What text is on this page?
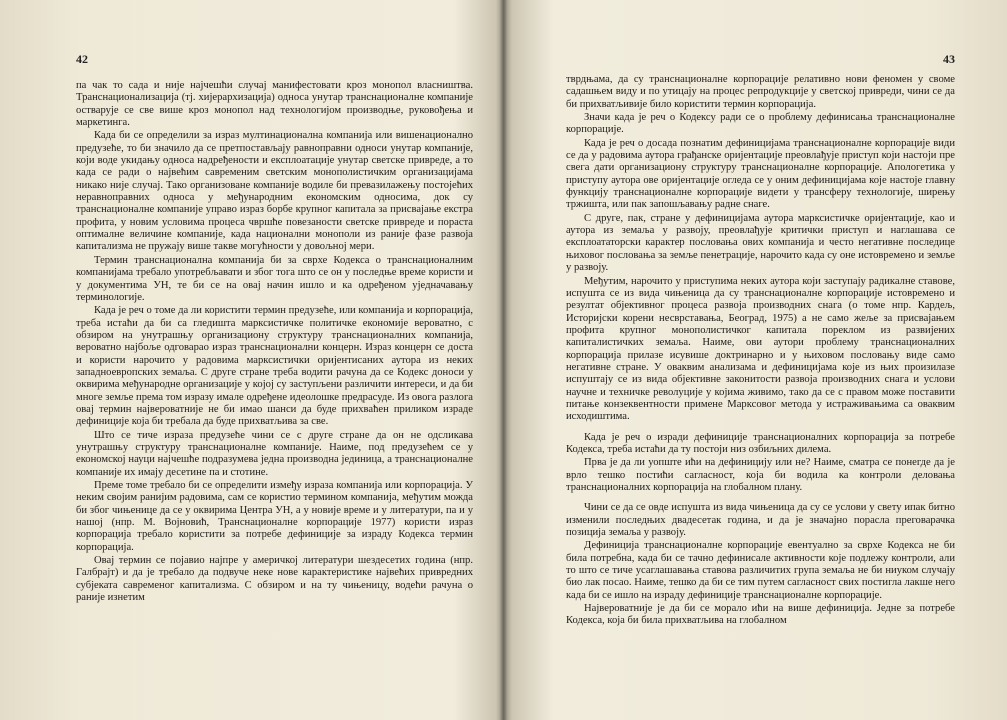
42

па чак то сада и није најчешћи случај манифестовати кроз монопол власништва. Транснационализација (тј. хијерархизација) односа унутар транснационалне компаније остварује се све више кроз монопол над технологијом производње, руковођења и маркетинга.

Када би се определили за израз мултинационална компанија или вишенационално предузеће, то би значило да се претпостављају равноправни односи унутар компаније, који воде укидању односа надређености и експлоатације унутар светске привреде, а то када се ради о највећим савременим светским монополистичким организацијама никако није случај. Тако организоване компаније водиле би превазилажењу постојећих неравноправних односа у међународним економским односима, док су транснационалне компаније управо израз борбе крупног капитала за присвајање екстра профита, у новим условима процеса чвршће повезаности светске привреде и пораста оптималне величине компаније, када национални монополи из ранијe фазе развоја капитализма не пружају више такве могућности у довољној мери.

Термин транснационална компанија би за сврхе Кодекса о транснационалним компанијама требало употребљавати и због тога што се он у последње време користи и у документима УН, те би се на овај начин ишло и ка одређеном уједначавању терминологије.

Када је реч о томе да ли користити термин предузеће, или компанија и корпорација, треба истаћи да би са гледишта марксистичке политичке економије вероватно, с обзиром на унутрашњу организациону структуру транснационалних компанија, вероватно најбоље одговарао израз транснационални концерн. Израз концерн се доста и користи нарочито у радовима марксистички оријентисаних аутора из неких западноевропских земаља. С друге стране треба водити рачуна да се Кодекс доноси у оквирима међународне организације у којој су заступљени различити интереси, и да би многе земље према том изразу имале одређене идеолошке предрасуде. Из овога разлога овај термин највероватније не би имао шанси да буде прихваћен приликом израде дефиниције која би требала да буде прихватљива за све.

Што се тиче израза предузеће чини се с друге стране да он не одсликава унутрашњу структуру транснационалне компаније. Наиме, под предузећем се у економској науци најчешће подразумева једна производна јединица, а транснационалне компаније их имају десетине па и стотине.

Преме томе требало би се определити између израза компанија или корпорација. У неким својим ранијим радовима, сам се користио термином компанија, међутим можда би због чињенице да се у оквирима Центра УН, а у новије време и у литератури, па и у нашој (нпр. М. Војновић, Транснационалне корпорације 1977) користи израз корпорација требало користити за потребе дефиниције за израду Кодекса термин корпорација.

Овај термин се појавио најпре у америчкој литератури шездесетих година (нпр. Галбрајт) и да је требало да подвуче неке нове карактеристике највећих привредних субјеката савременог капитализма. С обзиром и на ту чињеницу, водећи рачуна о раније изнетим

43

тврдњама, да су транснационалне корпорације релативно нови феномен у своме садашњем виду и по утицају на процес репродукције у светској привреди, чини се да би прихватљивије било користити термин корпорација.

Значи када је реч о Кодексу ради се о проблему дефинисања транснационалне корпорације.

Када је реч о досада познатим дефиницијама транснационалне корпорације види се да у радовима аутора грађанске оријентације преовлађује приступ који настоји пре свега дати организациону структуру транснационалне корпорације. Апологетика у приступу аутора ове оријентације огледа се у оним дефиницијама које настоје главну функцију транснационалне корпорације видети у трансферу технологије, ширењу тржишта, или пак запошљавању радне снаге.

С друге, пак, стране у дефиницијама аутора марксистичке оријентације, као и аутора из земаља у развоју, преовлађује критички приступ и наглашава се експлоататорски карактер пословања ових компанија и често негативне последице њиховог пословања за земље пенетрације, нарочито када су оне истовремено и земље у развоју.

Међутим, нарочито у приступима неких аутора који заступају радикалне ставове, испушта се из вида чињеница да су транснационалне корпорације истовремено и резултат објективног процеса развоја производних снага (о томе нпр. Кардељ, Историјски корени несврставања, Београд, 1975) а не само жеље за присвајањем профита крупног монополистичког капитала пореклом из развијених капиталистичких земаља. Наиме, ови аутори проблему транснационалних корпорација прилазе исувише доктринарно и у њиховом пословању виде само негативне стране. У оваквим анализама и дефиницијама које из њих произилазе испуштају се из вида објективне законитости развоја производних снага и услови научне и техничке револуције у којима живимо, тако да се с правом може поставити питање конзеквентности примене Марксовог метода у истраживањима са оваквим исходиштима.

Када је реч о изради дефиниције транснационалних корпорација за потребе Кодекса, треба истаћи да ту постоји низ озбиљних дилема.

Прва је да ли уопште ићи на дефиницију или не? Наиме, сматра се понегде да је врло тешко постићи сагласност, која би водила ка контроли деловања транснационалних корпорација на глобалном плану.

Чини се да се овде испушта из вида чињеница да су се услови у свету ипак битно изменили последњих двадесетак година, и да је значајно порасла преговарачка позиција земаља у развоју.

Дефиниција транснационалне корпорације евентуално за сврхе Кодекса не би била потребна, када би се тачно дефинисале активности које подлежу контроли, али то што се тиче усаглашавања ставова различитих група земаља не би ниуком случају био лак посао. Наиме, тешко да би се тим путем сагласност свих постигла лакше него када би се ишло на израду дефиниције транснационалне корпорације.

Највероватније је да би се морало ићи на више дефиниција. Једне за потребе Кодекса, која би била прихватљива на глобалном
